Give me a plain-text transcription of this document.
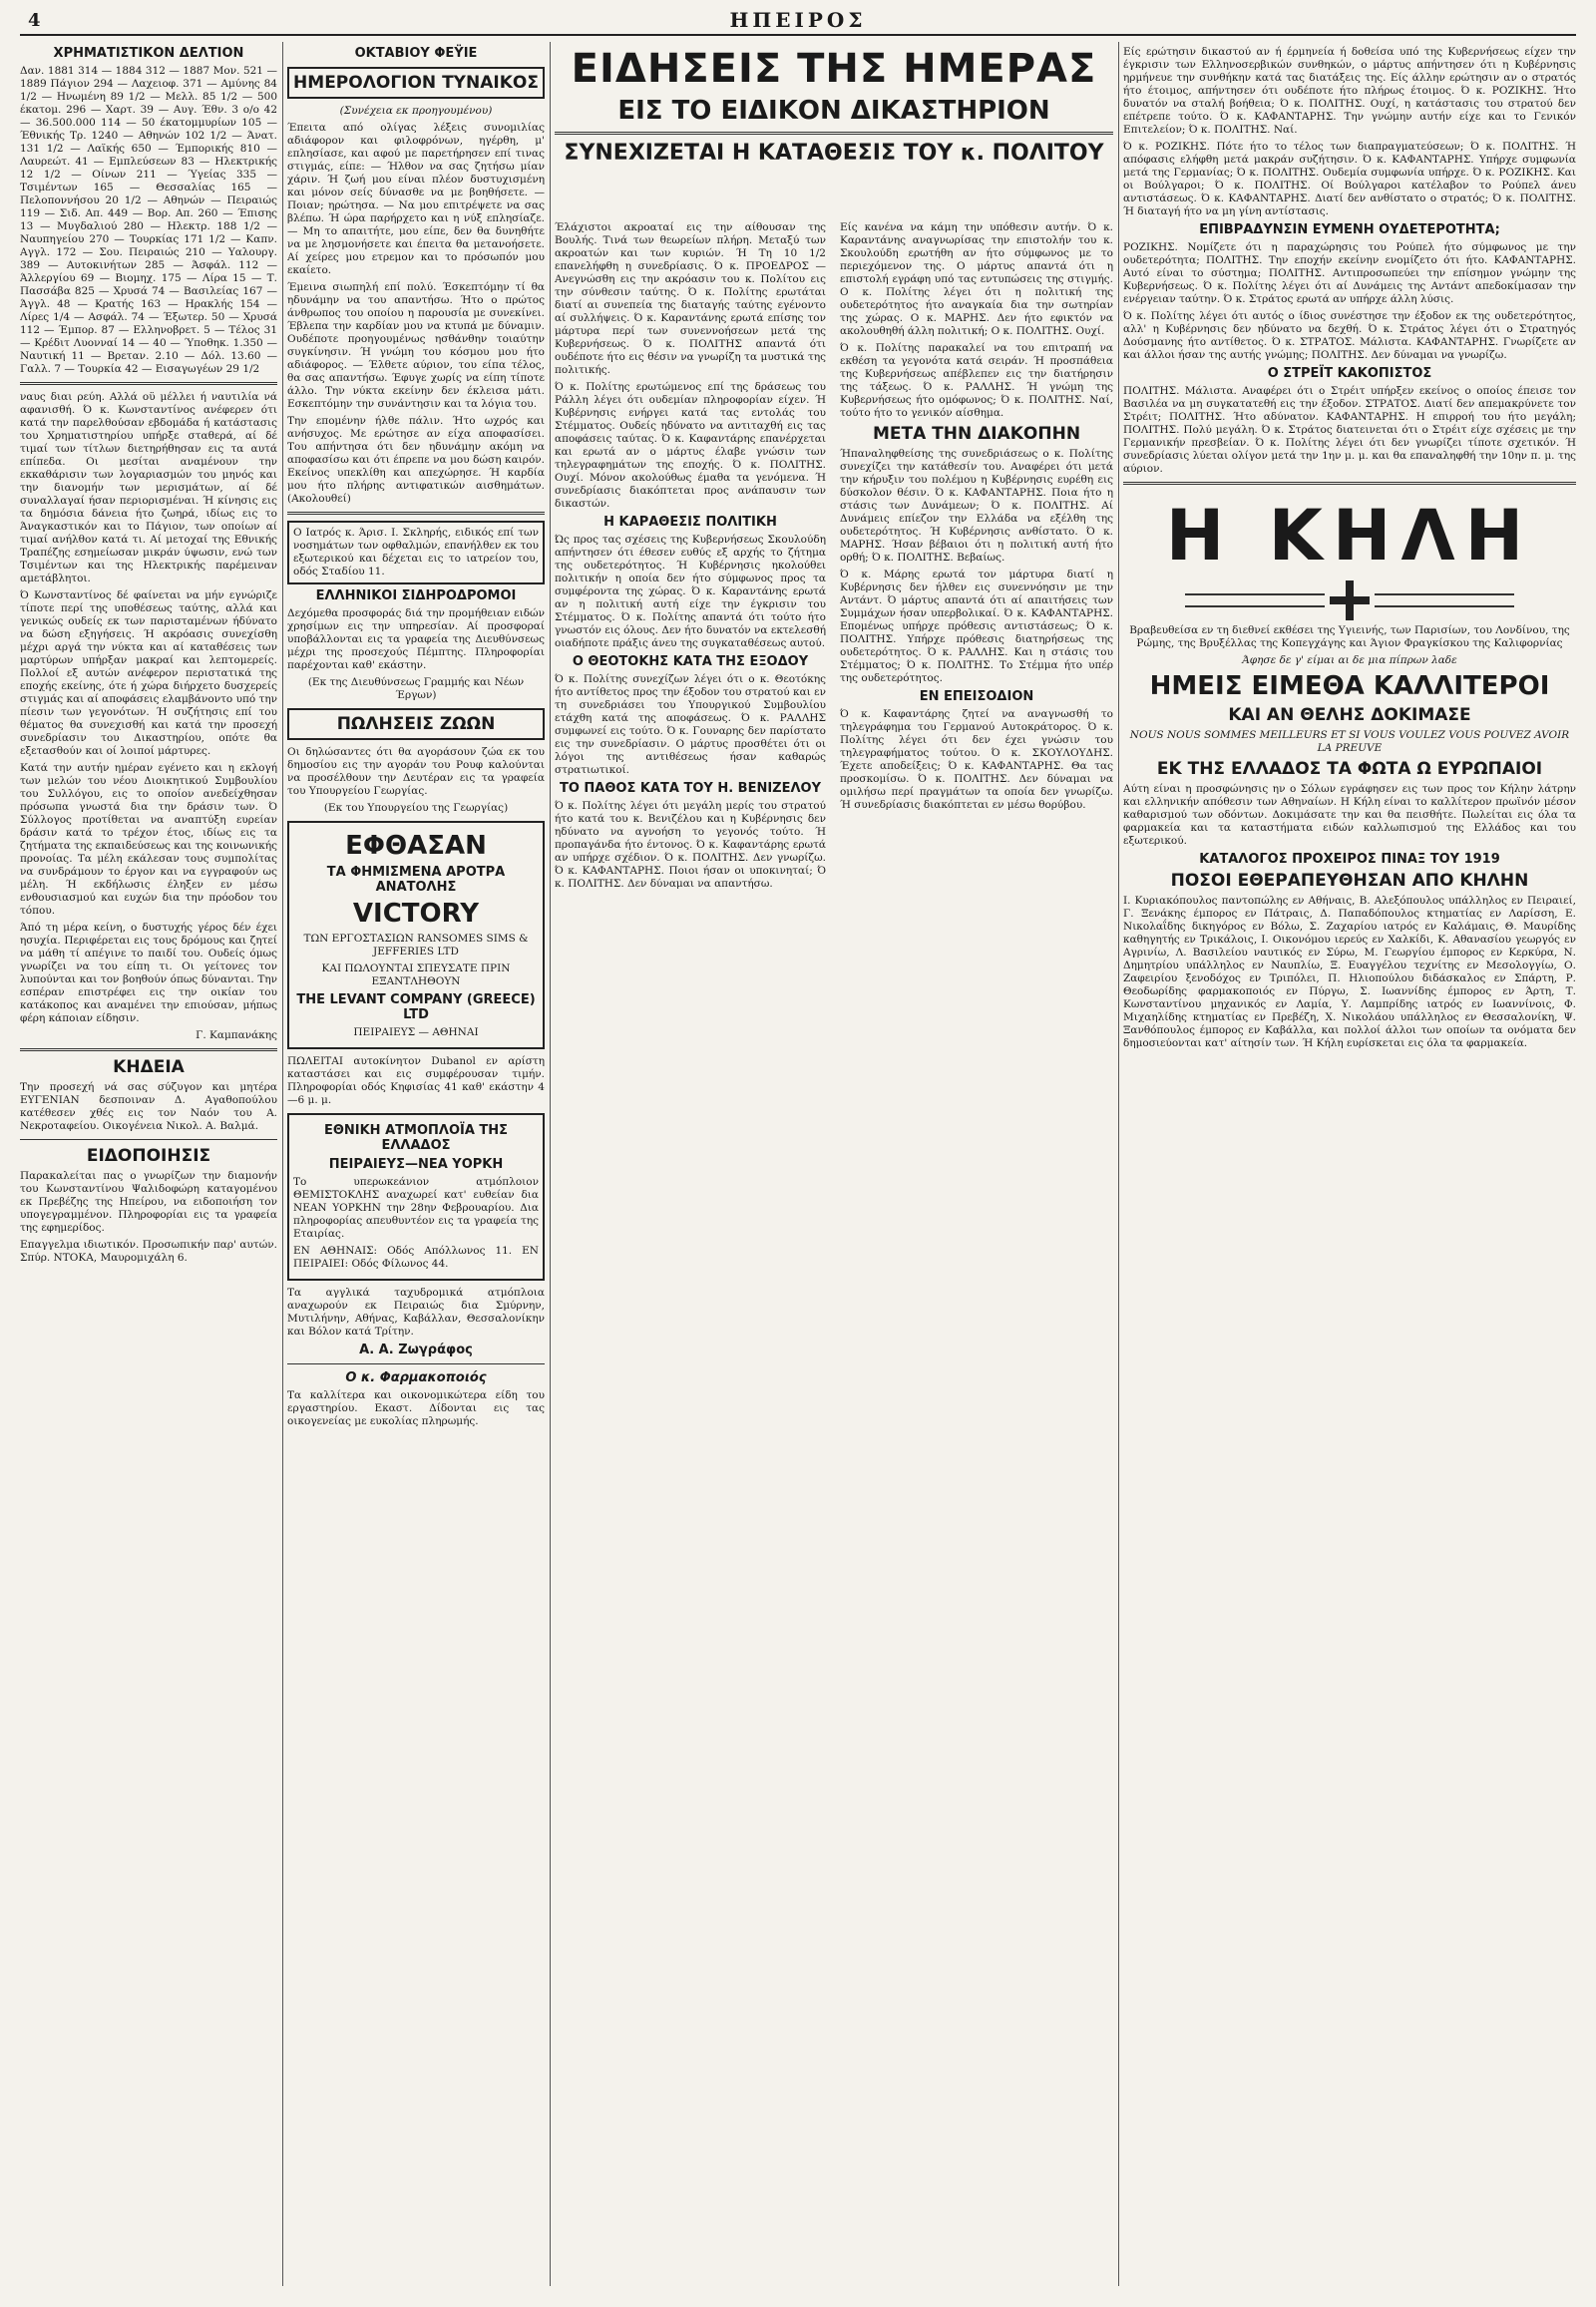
4	ΗΠΕΙΡΟΣ
ΧΡΗΜΑΤΙΣΤΙΚΟΝ ΔΕΛΤΙΟΝ
Δαν. 1881 314 — 1884 312 — 1887 Μον. 521 — 1889 Πάγιον 294 — Λαχειοφ. 371 — Αμύνης 84 1/2 — Ηνωμένη 89 1/2 — Μελλ. 85 1/2 — 500 έκατομ. 296 — Χαρτ. 39 — Αυγ. Έθν. 3 ο/ο 42 — 36.500.000 114 — 50 έκατομμυρίων 105 — Έθνικής Τρ. 1240 — Αθηνών 102 1/2 — Άνατ. 131 1/2 — Λαϊκής 650 — Έμπορικής 810 — Λαυρεώτ. 41 — Εμπλεύσεων 83 — Ηλεκτρικής 12 1/2 — Οίνων 211 — Ύγείας 335 — Τσιμέντων 165 — Θεσσαλίας 165 — Πελοποννήσου 20 1/2 — Αθηνών — Πειραιώς 119 — Σιδ. Απ. 449 — Βορ. Απ. 260 — Έπισης 13 — Μυγδαλιού 280 — Ηλεκτρ. 188 1/2 — Ναυπηγείου 270 — Τουρκίας 171 1/2 — Καπν. Αγγλ. 172 — Σου. Πειραιώς 210 — Υαλουργ. 389 — Αυτοκινήτων 285 — Άσφάλ. 112 — Άλλεργίου 69 — Βιομηχ. 175 — Λίρα 15 — Τ. Πασσάβα 825 — Χρυσά 74 — Βασιλείας 167 — Άγγλ. 48 — Κρατής 163 — Ηρακλής 154 — Λίρες 1/4 — Ασφάλ. 74 — Έξωτερ. 50 — Χρυσά 112 — Έμπορ. 87 — Ελληνοβρετ. 5 — Τέλος 31 — Κρέδιτ Λυονναί 14 — 40 — Ύποθηκ. 1.350 — Ναυτική 11 — Βρεταν. 2.10 — Δόλ. 13.60 — Γαλλ. 7 — Τουρκία 42 — Εισαγωγέων 29 1/2
ναυς διαι ρεύη. Αλλά οϋ μέλλει ή ναυτιλία νά αφανισθή. Ό κ. Κωνσταντίνος ανέφερεν ότι κατά την παρελθούσαν εβδομάδα ή κατάστασις του Χρηματιστηρίου υπήρξε σταθερά, αί δέ τιμαί των τίτλων διετηρήθησαν εις τα αυτά επίπεδα. Οι μεσίται αναμένουν την εκκαθάρισιν των λογαριασμών του μηνός και την διανομήν των μερισμάτων, αί δέ συναλλαγαί ήσαν περιορισμέναι. Ή κίνησις εις τα δημόσια δάνεια ήτο ζωηρά, ιδίως εις το Άναγκαστικόν και το Πάγιον, των οποίων αί τιμαί ανήλθον κατά τι. Αί μετοχαί της Εθνικής Τραπέζης εσημείωσαν μικράν ύψωσιν, ενώ των Τσιμέντων και της Ηλεκτρικής παρέμειναν αμετάβλητοι.
Ό Κωνσταντίνος δέ φαίνεται να μήν εγνώριζε τίποτε περί της υποθέσεως ταύτης, αλλά και γενικώς ουδείς εκ των παρισταμένων ήδύνατο να δώση εξηγήσεις. Ή ακρόασις συνεχίσθη μέχρι αργά την νύκτα και αί καταθέσεις των μαρτύρων υπήρξαν μακραί και λεπτομερείς. Πολλοί εξ αυτών ανέφερον περιστατικά της εποχής εκείνης, ότε ή χώρα διήρχετο δυσχερείς στιγμάς και αί αποφάσεις ελαμβάνοντο υπό την πίεσιν των γεγονότων. Ή συζήτησις επί του θέματος θα συνεχισθή και κατά την προσεχή συνεδρίασιν του Δικαστηρίου, οπότε θα εξετασθούν και οί λοιποί μάρτυρες.
Κατά την αυτήν ημέραν εγένετο και η εκλογή των μελών του νέου Διοικητικού Συμβουλίου του Συλλόγου, εις το οποίον ανεδείχθησαν πρόσωπα γνωστά δια την δράσιν των. Ό Σύλλογος προτίθεται να αναπτύξη ευρείαν δράσιν κατά το τρέχον έτος, ιδίως εις τα ζητήματα της εκπαιδεύσεως και της κοινωνικής προνοίας. Τα μέλη εκάλεσαν τους συμπολίτας να συνδράμουν το έργον και να εγγραφούν ως μέλη. Ή εκδήλωσις έληξεν εν μέσω ενθουσιασμού και ευχών δια την πρόοδον του τόπου.
Άπό τη μέρα κείνη, ο δυστυχής γέρος δέν έχει ησυχία. Περιφέρεται εις τους δρόμους και ζητεί να μάθη τί απέγινε το παιδί του. Ουδείς όμως γνωρίζει να του είπη τι. Οι γείτονες τον λυπούνται και τον βοηθούν όπως δύνανται. Την εσπέραν επιστρέφει εις την οικίαν του κατάκοπος και αναμένει την επιούσαν, μήπως φέρη κάποιαν είδησιν.
Γ. Καμπανάκης
ΚΗΔΕΙΑ
Την προσεχή νά σας σύζυγον και μητέρα ΕΥΓΕΝΙΑΝ δεσποιναν Δ. Αγαθοπούλου κατέθεσεν χθές εις τον Ναόν του Α. Νεκροταφείου. Οικογένεια Νικολ. Α. Βαλμά.
ΕΙΔΟΠΟΙΗΣΙΣ
Παρακαλείται πας ο γνωρίζων την διαμονήν του Κωνσταντίνου Ψαλιδοφώρη καταγομένου εκ Πρεβέζης της Ηπείρου, να ειδοποιήση τον υπογεγραμμένον. Πληροφορίαι εις τα γραφεία της εφημερίδος.
Επαγγελμα ιδιωτικόν. Προσωπικήν παρ' αυτών. Σπύρ. ΝΤΟΚΑ, Μαυρομιχάλη 6.
ΟΚΤΑΒΙΟΥ ΦΕΫΙΕ
ΗΜΕΡΟΛΟΓΙΟΝ ΤΥΝΑΙΚΟΣ
(Συνέχεια εκ προηγουμένου)
Έπειτα από ολίγας λέξεις συνομιλίας αδιάφορον και φιλοφρόνων, ηγέρθη, μ' επλησίασε, και αφού με παρετήρησεν επί τινας στιγμάς, είπε: — Ήλθον να σας ζητήσω μίαν χάριν. Ή ζωή μου είναι πλέον δυστυχισμένη και μόνον σείς δύνασθε να με βοηθήσετε. — Ποιαν; ηρώτησα. — Να μου επιτρέψετε να σας βλέπω. Ή ώρα παρήρχετο και η νύξ επλησίαζε. — Μη το απαιτήτε, μου είπε, δεν θα δυνηθήτε να με λησμονήσετε και έπειτα θα μετανοήσετε. Αί χείρες μου ετρεμον και το πρόσωπόν μου εκαίετο.
Έμεινα σιωπηλή επί πολύ. Έσκεπτόμην τί θα ηδυνάμην να του απαντήσω. Ήτο ο πρώτος άνθρωπος του οποίου η παρουσία με συνεκίνει. Έβλεπα την καρδίαν μου να κτυπά με δύναμιν. Ουδέποτε προηγουμένως ησθάνθην τοιαύτην συγκίνησιν. Ή γνώμη του κόσμου μου ήτο αδιάφορος. — Έλθετε αύριον, του είπα τέλος, θα σας απαντήσω. Έφυγε χωρίς να είπη τίποτε άλλο. Την νύκτα εκείνην δεν έκλεισα μάτι. Εσκεπτόμην την συνάντησιν και τα λόγια του.
Την επομένην ήλθε πάλιν. Ήτο ωχρός και ανήσυχος. Με ερώτησε αν είχα αποφασίσει. Του απήντησα ότι δεν ηδυνάμην ακόμη να αποφασίσω και ότι έπρεπε να μου δώση καιρόν. Εκείνος υπεκλίθη και απεχώρησε. Ή καρδία μου ήτο πλήρης αντιφατικών αισθημάτων. (Ακολουθεί)
Ο Ιατρός κ. Άρισ. Ι. Σκληρής, ειδικός επί των νοσημάτων των οφθαλμών, επανήλθεν εκ του εξωτερικού και δέχεται εις το ιατρείον του, οδός Σταδίου 11.
ΕΛΛΗΝΙΚΟΙ ΣΙΔΗΡΟΔΡΟΜΟΙ
Δεχόμεθα προσφοράς διά την προμήθειαν ειδών χρησίμων εις την υπηρεσίαν. Αί προσφοραί υποβάλλονται εις τα γραφεία της Διευθύνσεως μέχρι της προσεχούς Πέμπτης. Πληροφορίαι παρέχονται καθ' εκάστην.
(Εκ της Διευθύνσεως Γραμμής και Νέων Έργων)
ΠΩΛΗΣΕΙΣ ΖΩΩΝ
Οι δηλώσαντες ότι θα αγοράσουν ζώα εκ του δημοσίου εις την αγοράν του Ρουφ καλούνται να προσέλθουν την Δευτέραν εις τα γραφεία του Υπουργείου Γεωργίας.
(Εκ του Υπουργείου της Γεωργίας)
ΕΦΘΑΣΑΝ
ΤΑ ΦΗΜΙΣΜΕΝΑ ΑΡΟΤΡΑ ΑΝΑΤΟΛΗΣ
VICTORY
ΤΩΝ ΕΡΓΟΣΤΑΣΙΩΝ RANSOMES SIMS & JEFFERIES LTD
ΚΑΙ ΠΩΛΟΥΝΤΑΙ ΣΠΕΥΣΑΤΕ ΠΡΙΝ ΕΞΑΝΤΛΗΘΟΥΝ
THE LEVANT COMPANY (GREECE) LTD
ΠΕΙΡΑΙΕΥΣ — ΑΘΗΝΑΙ
ΠΩΛΕΙΤΑΙ αυτοκίνητον Dubanol εν αρίστη καταστάσει και εις συμφέρουσαν τιμήν. Πληροφορίαι οδός Κηφισίας 41 καθ' εκάστην 4—6 μ. μ.
ΕΘΝΙΚΗ ΑΤΜΟΠΛΟΪΑ ΤΗΣ ΕΛΛΑΔΟΣ
ΠΕΙΡΑΙΕΥΣ—ΝΕΑ ΥΟΡΚΗ
Το υπερωκεάνιον ατμόπλοιον ΘΕΜΙΣΤΟΚΛΗΣ αναχωρεί κατ' ευθείαν δια ΝΕΑΝ ΥΟΡΚΗΝ την 28ην Φεβρουαρίου. Δια πληροφορίας απευθυντέον εις τα γραφεία της Εταιρίας.
ΕΝ ΑΘΗΝΑΙΣ: Οδός Απόλλωνος 11. ΕΝ ΠΕΙΡΑΙΕΙ: Οδός Φίλωνος 44.
Τα αγγλικά ταχυδρομικά ατμόπλοια αναχωρούν εκ Πειραιώς δια Σμύρνην, Μυτιλήνην, Αθήνας, Καβάλλαν, Θεσσαλονίκην και Βόλον κατά Τρίτην.
Α. Α. Ζωγράφος
Ο κ. Φαρμακοποιός
Τα καλλίτερα και οικονομικώτερα είδη του εργαστηρίου. Εκαστ. Δίδονται εις τας οικογενείας με ευκολίας πληρωμής.
ΕΙΔΗΣΕΙΣ ΤΗΣ ΗΜΕΡΑΣ
ΕΙΣ ΤΟ ΕΙΔΙΚΟΝ ΔΙΚΑΣΤΗΡΙΟΝ
ΣΥΝΕΧΙΖΕΤΑΙ Η ΚΑΤΑΘΕΣΙΣ ΤΟΥ κ. ΠΟΛΙΤΟΥ
Έλάχιστοι ακροαταί εις την αίθουσαν της Βουλής. Τινά των θεωρείων πλήρη. Μεταξύ των ακροατών και των κυριών. Ή Τη 10 1/2 επανελήφθη η συνεδρίασις. Ό κ. ΠΡΟΕΔΡΟΣ — Ανεγνώσθη εις την ακρόασιν του κ. Πολίτου εις την σύνθεσιν ταύτης. Ό κ. Πολίτης ερωτάται διατί αι συνεπεία της διαταγής ταύτης εγένοντο αί συλλήψεις. Ό κ. Καραντάνης ερωτά επίσης τον μάρτυρα περί των συνεννοήσεων μετά της Κυβερνήσεως. Ό κ. ΠΟΛΙΤΗΣ απαντά ότι ουδέποτε ήτο εις θέσιν να γνωρίζη τα μυστικά της πολιτικής.
Ό κ. Πολίτης ερωτώμενος επί της δράσεως του Ράλλη λέγει ότι ουδεμίαν πληροφορίαν είχεν. Ή Κυβέρνησις ενήργει κατά τας εντολάς του Στέμματος. Ουδείς ηδύνατο να αντιταχθή εις τας αποφάσεις ταύτας. Ό κ. Καφαντάρης επανέρχεται και ερωτά αν ο μάρτυς έλαβε γνώσιν των τηλεγραφημάτων της εποχής. Ό κ. ΠΟΛΙΤΗΣ. Ουχί. Μόνον ακολούθως έμαθα τα γενόμενα. Ή συνεδρίασις διακόπτεται προς ανάπαυσιν των δικαστών.
Η ΚΑΡΑΘΕΣΙΣ ΠΟΛΙΤΙΚΗ
Ώς προς τας σχέσεις της Κυβερνήσεως Σκουλούδη απήντησεν ότι έθεσεν ευθύς εξ αρχής το ζήτημα της ουδετερότητος. Ή Κυβέρνησις ηκολούθει πολιτικήν η οποία δεν ήτο σύμφωνος προς τα συμφέροντα της χώρας. Ό κ. Καραντάνης ερωτά αν η πολιτική αυτή είχε την έγκρισιν του Στέμματος. Ό κ. Πολίτης απαντά ότι τούτο ήτο γνωστόν εις όλους. Δεν ήτο δυνατόν να εκτελεσθή οιαδήποτε πράξις άνευ της συγκαταθέσεως αυτού.
Ο ΘΕΟΤΟΚΗΣ ΚΑΤΑ ΤΗΣ ΕΞΟΔΟΥ
Ό κ. Πολίτης συνεχίζων λέγει ότι ο κ. Θεοτόκης ήτο αντίθετος προς την έξοδον του στρατού και εν τη συνεδριάσει του Υπουργικού Συμβουλίου ετάχθη κατά της αποφάσεως. Ό κ. ΡΑΛΛΗΣ συμφωνεί εις τούτο. Ό κ. Γουναρης δεν παρίστατο εις την συνεδρίασιν. Ο μάρτυς προσθέτει ότι οι λόγοι της αντιθέσεως ήσαν καθαρώς στρατιωτικοί.
ΤΟ ΠΑΘΟΣ ΚΑΤΑ ΤΟΥ Η. ΒΕΝΙΖΕΛΟΥ
Ό κ. Πολίτης λέγει ότι μεγάλη μερίς του στρατού ήτο κατά του κ. Βενιζέλου και η Κυβέρνησις δεν ηδύνατο να αγνοήση το γεγονός τούτο. Ή προπαγάνδα ήτο έντονος. Ό κ. Καφαντάρης ερωτά αν υπήρχε σχέδιον. Ό κ. ΠΟΛΙΤΗΣ. Δεν γνωρίζω. Ό κ. ΚΑΦΑΝΤΑΡΗΣ. Ποιοι ήσαν οι υποκινηταί; Ό κ. ΠΟΛΙΤΗΣ. Δεν δύναμαι να απαντήσω.
Είς κανένα να κάμη την υπόθεσιν αυτήν. Ό κ. Καραντάνης αναγνωρίσας την επιστολήν του κ. Σκουλούδη ερωτήθη αν ήτο σύμφωνος με το περιεχόμενον της. Ο μάρτυς απαντά ότι η επιστολή εγράφη υπό τας εντυπώσεις της στιγμής. Ο κ. Πολίτης λέγει ότι η πολιτική της ουδετερότητος ήτο αναγκαία δια την σωτηρίαν της χώρας. Ο κ. ΜΑΡΗΣ. Δεν ήτο εφικτόν να ακολουθηθή άλλη πολιτική; Ο κ. ΠΟΛΙΤΗΣ. Ουχί.
Ό κ. Πολίτης παρακαλεί να του επιτραπή να εκθέση τα γεγονότα κατά σειράν. Ή προσπάθεια της Κυβερνήσεως απέβλεπεν εις την διατήρησιν της τάξεως. Ό κ. ΡΑΛΛΗΣ. Ή γνώμη της Κυβερνήσεως ήτο ομόφωνος; Ό κ. ΠΟΛΙΤΗΣ. Ναί, τούτο ήτο το γενικόν αίσθημα.
ΜΕΤΑ ΤΗΝ ΔΙΑΚΟΠΗΝ
Ήπαναληφθείσης της συνεδριάσεως ο κ. Πολίτης συνεχίζει την κατάθεσίν του. Αναφέρει ότι μετά την κήρυξιν του πολέμου η Κυβέρνησις ευρέθη εις δύσκολον θέσιν. Ό κ. ΚΑΦΑΝΤΑΡΗΣ. Ποια ήτο η στάσις των Δυνάμεων; Ό κ. ΠΟΛΙΤΗΣ. Αί Δυνάμεις επίεζον την Ελλάδα να εξέλθη της ουδετερότητος. Ή Κυβέρνησις ανθίστατο. Ό κ. ΜΑΡΗΣ. Ήσαν βέβαιοι ότι η πολιτική αυτή ήτο ορθή; Ό κ. ΠΟΛΙΤΗΣ. Βεβαίως.
Ό κ. Μάρης ερωτά τον μάρτυρα διατί η Κυβέρνησις δεν ήλθεν εις συνεννόησιν με την Αντάντ. Ό μάρτυς απαντά ότι αί απαιτήσεις των Συμμάχων ήσαν υπερβολικαί. Ό κ. ΚΑΦΑΝΤΑΡΗΣ. Επομένως υπήρχε πρόθεσις αντιστάσεως; Ό κ. ΠΟΛΙΤΗΣ. Υπήρχε πρόθεσις διατηρήσεως της ουδετερότητος. Ό κ. ΡΑΛΛΗΣ. Και η στάσις του Στέμματος; Ό κ. ΠΟΛΙΤΗΣ. Το Στέμμα ήτο υπέρ της ουδετερότητος.
ΕΝ ΕΠΕΙΣΟΔΙΟΝ
Ό κ. Καφαντάρης ζητεί να αναγνωσθή το τηλεγράφημα του Γερμανού Αυτοκράτορος. Ό κ. Πολίτης λέγει ότι δεν έχει γνώσιν του τηλεγραφήματος τούτου. Ό κ. ΣΚΟΥΛΟΥΔΗΣ. Έχετε αποδείξεις; Ό κ. ΚΑΦΑΝΤΑΡΗΣ. Θα τας προσκομίσω. Ό κ. ΠΟΛΙΤΗΣ. Δεν δύναμαι να ομιλήσω περί πραγμάτων τα οποία δεν γνωρίζω. Ή συνεδρίασις διακόπτεται εν μέσω θορύβου.
Είς ερώτησιν δικαστού αν ή έρμηνεία ή δοθείσα υπό της Κυβερνήσεως είχεν την έγκρισιν των Ελληνοσερβικών συνθηκών, ο μάρτυς απήντησεν ότι η Κυβέρνησις ηρμήνευε την συνθήκην κατά τας διατάξεις της. Είς άλλην ερώτησιν αν ο στρατός ήτο έτοιμος, απήντησεν ότι ουδέποτε ήτο πλήρως έτοιμος. Ό κ. ΡΟΖΙΚΗΣ. Ήτο δυνατόν να σταλή βοήθεια; Ό κ. ΠΟΛΙΤΗΣ. Ουχί, η κατάστασις του στρατού δεν επέτρεπε τούτο. Ό κ. ΚΑΦΑΝΤΑΡΗΣ. Την γνώμην αυτήν είχε και το Γενικόν Επιτελείον; Ό κ. ΠΟΛΙΤΗΣ. Ναί.
Ό κ. ΡΟΖΙΚΗΣ. Πότε ήτο το τέλος των διαπραγματεύσεων; Ό κ. ΠΟΛΙΤΗΣ. Ή απόφασις ελήφθη μετά μακράν συζήτησιν. Ό κ. ΚΑΦΑΝΤΑΡΗΣ. Υπήρχε συμφωνία μετά της Γερμανίας; Ό κ. ΠΟΛΙΤΗΣ. Ουδεμία συμφωνία υπήρχε. Ό κ. ΡΟΖΙΚΗΣ. Και οι Βούλγαροι; Ό κ. ΠΟΛΙΤΗΣ. Οί Βούλγαροι κατέλαβον το Ρούπελ άνευ αντιστάσεως. Ό κ. ΚΑΦΑΝΤΑΡΗΣ. Διατί δεν ανθίστατο ο στρατός; Ό κ. ΠΟΛΙΤΗΣ. Ή διαταγή ήτο να μη γίνη αντίστασις.
ΕΠΙΒΡΑΔΥΝΣΙΝ ΕΥΜΕΝΗ ΟΥΔΕΤΕΡΟΤΗΤΑ;
ΡΟΖΙΚΗΣ. Νομίζετε ότι η παραχώρησις του Ρούπελ ήτο σύμφωνος με την ουδετερότητα; ΠΟΛΙΤΗΣ. Την εποχήν εκείνην ενομίζετο ότι ήτο. ΚΑΦΑΝΤΑΡΗΣ. Αυτό είναι το σύστημα; ΠΟΛΙΤΗΣ. Αντιπροσωπεύει την επίσημον γνώμην της Κυβερνήσεως. Ό κ. Πολίτης λέγει ότι αί Δυνάμεις της Αντάντ απεδοκίμασαν την ενέργειαν ταύτην. Ό κ. Στράτος ερωτά αν υπήρχε άλλη λύσις.
Ό κ. Πολίτης λέγει ότι αυτός ο ίδιος συνέστησε την έξοδον εκ της ουδετερότητος, αλλ' η Κυβέρνησις δεν ηδύνατο να δεχθή. Ό κ. Στράτος λέγει ότι ο Στρατηγός Δούσμανης ήτο αντίθετος. Ό κ. ΣΤΡΑΤΟΣ. Μάλιστα. ΚΑΦΑΝΤΑΡΗΣ. Γνωρίζετε αν και άλλοι ήσαν της αυτής γνώμης; ΠΟΛΙΤΗΣ. Δεν δύναμαι να γνωρίζω.
Ο ΣΤΡΕΪΤ ΚΑΚΟΠΙΣΤΟΣ
ΠΟΛΙΤΗΣ. Μάλιστα. Αναφέρει ότι ο Στρέιτ υπήρξεν εκείνος ο οποίος έπεισε τον Βασιλέα να μη συγκατατεθή εις την έξοδον. ΣΤΡΑΤΟΣ. Διατί δεν απεμακρύνετε τον Στρέιτ; ΠΟΛΙΤΗΣ. Ήτο αδύνατον. ΚΑΦΑΝΤΑΡΗΣ. Η επιρροή του ήτο μεγάλη; ΠΟΛΙΤΗΣ. Πολύ μεγάλη. Ό κ. Στράτος διατεινεται ότι ο Στρέιτ είχε σχέσεις με την Γερμανικήν πρεσβείαν. Ό κ. Πολίτης λέγει ότι δεν γνωρίζει τίποτε σχετικόν. Ή συνεδρίασις λύεται ολίγον μετά την 1ην μ. μ. και θα επαναληφθή την 10ην π. μ. της αύριον.
Η ΚΗΛΗ

Βραβευθείσα εν τη διεθνεί εκθέσει της Υγιεινής, των Παρισίων, του Λονδίνου, της Ρώμης, της Βρυξέλλας της Κοπεγχάγης και Άγιον Φραγκίσκου της Καλιφορνίας
Άφησε δε γ' είμαι αι δε μια πίπρων λαδε
ΗΜΕΙΣ ΕΙΜΕΘΑ ΚΑΛΛΙΤΕΡΟΙ
ΚΑΙ ΑΝ ΘΕΛΗΣ ΔΟΚΙΜΑΣΕ
NOUS NOUS SOMMES MEILLEURS ET SI VOUS VOULEZ VOUS POUVEZ AVOIR LA PREUVE
ΕΚ ΤΗΣ ΕΛΛΑΔΟΣ ΤΑ ΦΩΤΑ Ω ΕΥΡΩΠΑΙΟΙ
Αύτη είναι η προσφώνησις ην ο Σόλων εγράφησεν εις των προς τον Κήλην λάτρην και ελληνικήν απόθεσιν των Αθηναίων. Η Κήλη είναι το καλλίτερον πρωϊνόν μέσον καθαρισμού των οδόντων. Δοκιμάσατε την και θα πεισθήτε. Πωλείται εις όλα τα φαρμακεία και τα καταστήματα ειδών καλλωπισμού της Ελλάδος και του εξωτερικού.
ΚΑΤΑΛΟΓΟΣ ΠΡΟΧΕΙΡΟΣ ΠΙΝΑΞ ΤΟΥ 1919
ΠΟΣΟΙ ΕΘΕΡΑΠΕΥΘΗΣΑΝ ΑΠΟ ΚΗΛΗΝ
Ι. Κυριακόπουλος παντοπώλης εν Αθήναις, Β. Αλεξόπουλος υπάλληλος εν Πειραιεί, Γ. Ξενάκης έμπορος εν Πάτραις, Δ. Παπαδόπουλος κτηματίας εν Λαρίσση, Ε. Νικολαΐδης δικηγόρος εν Βόλω, Σ. Ζαχαρίου ιατρός εν Καλάμαις, Θ. Μαυρίδης καθηγητής εν Τρικάλοις, Ι. Οικονόμου ιερεύς εν Χαλκίδι, Κ. Αθανασίου γεωργός εν Αγρινίω, Λ. Βασιλείου ναυτικός εν Σύρω, Μ. Γεωργίου έμπορος εν Κερκύρα, Ν. Δημητρίου υπάλληλος εν Ναυπλίω, Ξ. Ευαγγέλου τεχνίτης εν Μεσολογγίω, Ο. Ζαφειρίου ξενοδόχος εν Τριπόλει, Π. Ηλιοπούλου διδάσκαλος εν Σπάρτη, Ρ. Θεοδωρίδης φαρμακοποιός εν Πύργω, Σ. Ιωαννίδης έμπορος εν Άρτη, Τ. Κωνσταντίνου μηχανικός εν Λαμία, Υ. Λαμπρίδης ιατρός εν Ιωαννίνοις, Φ. Μιχαηλίδης κτηματίας εν Πρεβέζη, Χ. Νικολάου υπάλληλος εν Θεσσαλονίκη, Ψ. Ξανθόπουλος έμπορος εν Καβάλλα, και πολλοί άλλοι των οποίων τα ονόματα δεν δημοσιεύονται κατ' αίτησίν των. Ή Κήλη ευρίσκεται εις όλα τα φαρμακεία.
